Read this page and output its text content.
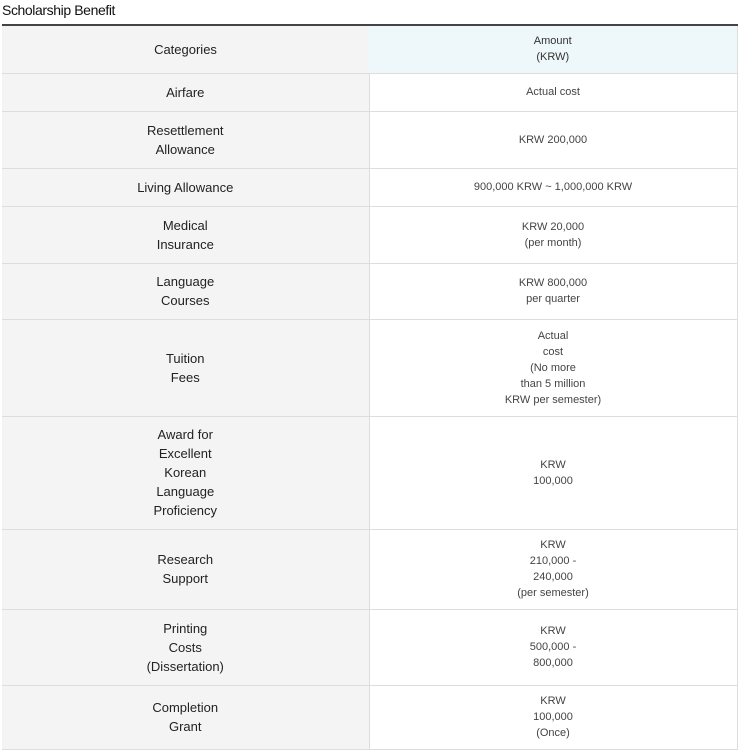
Scholarship Benefit
Categories	Amount
(KRW)

Airfare	Actual cost

Resettlement
Allowance	KRW 200,000

Living Allowance	900,000 KRW ~ 1,000,000 KRW

Medical
Insurance	KRW 20,000
(per month)

Language
Courses	KRW 800,000
per quarter

Tuition
Fees	Actual
cost
(No more
than 5 million
KRW per semester)

Award for
Excellent
Korean
Language
Proficiency	KRW
100,000

Research
Support	KRW
210,000 -
240,000
(per semester)

Printing
Costs
(Dissertation)	KRW
500,000 -
800,000

Completion
Grant	KRW
100,000
(Once)
